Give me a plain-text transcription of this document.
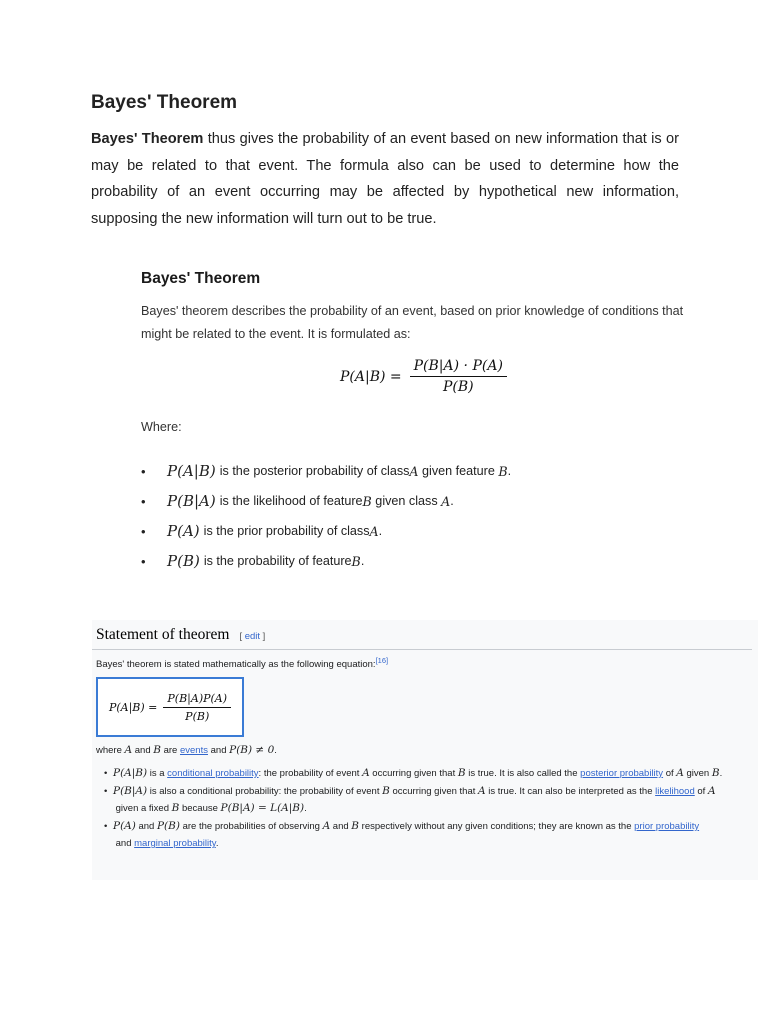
Bayes' Theorem

Bayes' Theorem thus gives the probability of an event based on new information that is or may be related to that event. The formula also can be used to determine how the probability of an event occurring may be affected by hypothetical new information, supposing the new information will turn out to be true.

Bayes' Theorem

Bayes' theorem describes the probability of an event, based on prior knowledge of conditions that might be related to the event. It is formulated as:

$P(A|B) = \frac{P(B|A) \cdot P(A)}{P(B)}$

Where:

•	P(A|B) is the posterior probability of class A given feature B .
•	P(B|A) is the likelihood of feature B given class A .
•	P(A) is the prior probability of class A .
•	P(B) is the probability of feature B .
Statement of theorem [ edit ]
Bayes' theorem is stated mathematically as the following equation:[16]
$P(A|B) = \frac{P(B|A)P(A)}{P(B)}$
where A and B are events and P(B) ≠ 0.
• P(A|B) is a conditional probability: the probability of event A occurring given that B is true. It is also called the posterior probability of A given B.
• P(B|A) is also a conditional probability: the probability of event B occurring given that A is true. It can also be interpreted as the likelihood of A given a fixed B because P(B|A) = L(A|B).
• P(A) and P(B) are the probabilities of observing A and B respectively without any given conditions; they are known as the prior probability and marginal probability.
